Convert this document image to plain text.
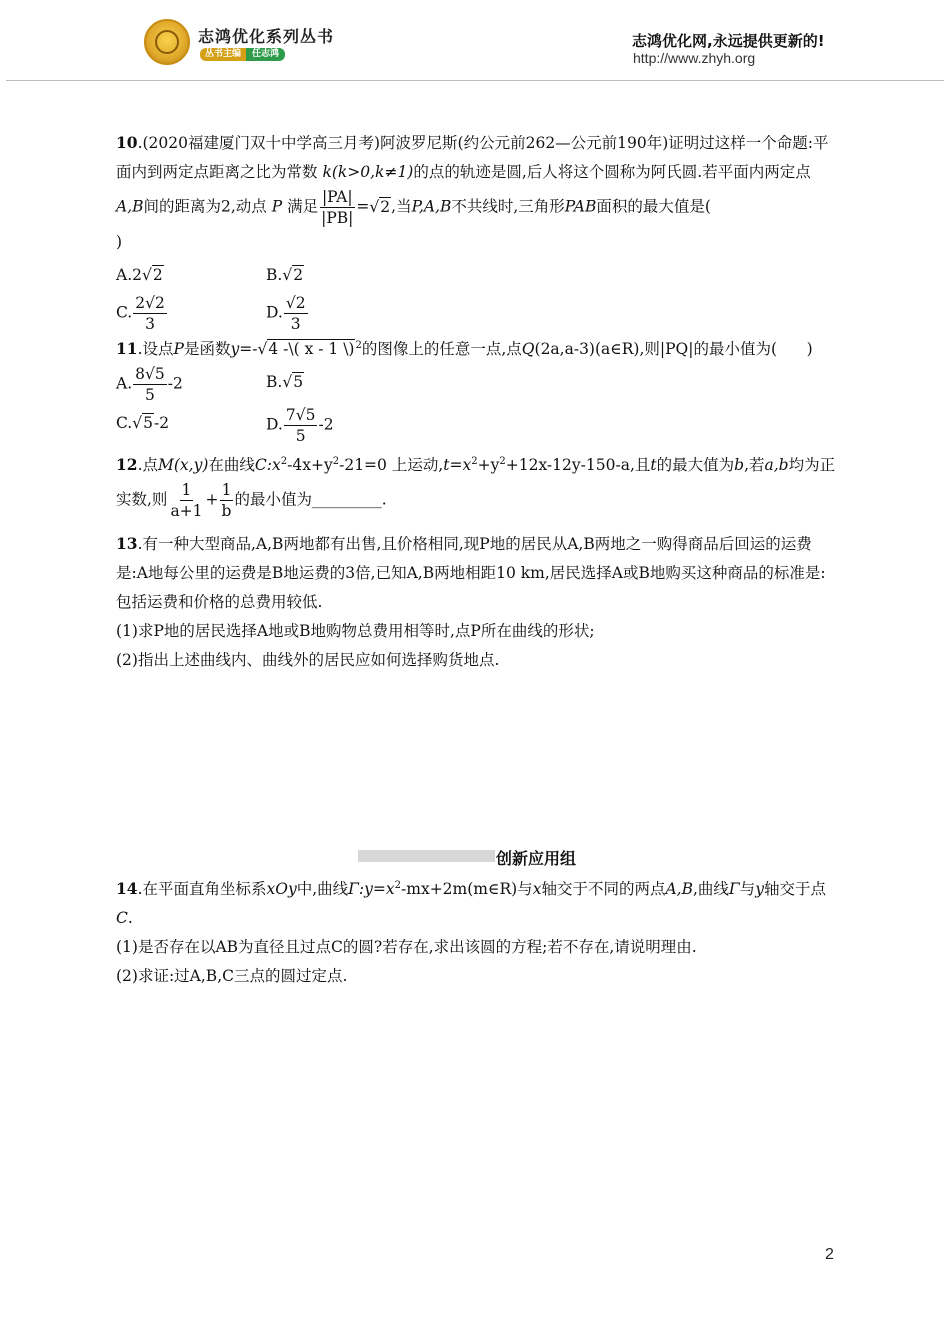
志鸿优化系列丛书
丛书主编	任志鸿
志鸿优化网,永远提供更新的!
http://www.zhyh.org

10.(2020福建厦门双十中学高三月考)阿波罗尼斯(约公元前262—公元前190年)证明过这样一个命题:平面内到两定点距离之比为常数 k(k>0,k≠1)的点的轨迹是圆,后人将这个圆称为阿氏圆.若平面内两定点A,B间的距离为2,动点 P 满足 $\frac{|PA|}{|PB|} =√2$,当P,A,B不共线时,三角形PAB面积的最大值是(

)

A.2√2	B.√2
C. $\frac{2√2}{3}$	D. $\frac{√2}{3}$

11.设点P是函数y=-√4 -\( x - 1 \)$^2$的图像上的任意一点,点Q(2a,a-3)(a∈R),则|PQ|的最小值为( )

A. $\frac{8√5}{5} -2$	B.√5
C.√5-2	D. $\frac{7√5}{5} -2$

12.点M(x,y)在曲线$C:x^2-4x+y^2-21=0$ 上运动$,t=x^2+y^2+12x-12y-150-a$,且t的最大值为b,若a,b均为正实数,则 $\frac{1}{a+1} + \frac{1}{b}$ 的最小值为_________.

13.有一种大型商品,A,B两地都有出售,且价格相同,现P地的居民从A,B两地之一购得商品后回运的运费是:A地每公里的运费是B地运费的3倍,已知A,B两地相距10 km,居民选择A或B地购买这种商品的标准是:包括运费和价格的总费用较低.

(1)求P地的居民选择A地或B地购物总费用相等时,点P所在曲线的形状;

(2)指出上述曲线内、曲线外的居民应如何选择购货地点.

创新应用组

14.在平面直角坐标系xOy中,曲线$\Gamma:y=x^2-mx+2m(m\in R)$与x轴交于不同的两点A,B,曲线Γ与y轴交于点C.

(1)是否存在以AB为直径且过点C的圆?若存在,求出该圆的方程;若不存在,请说明理由.

(2)求证:过A,B,C三点的圆过定点.

2
